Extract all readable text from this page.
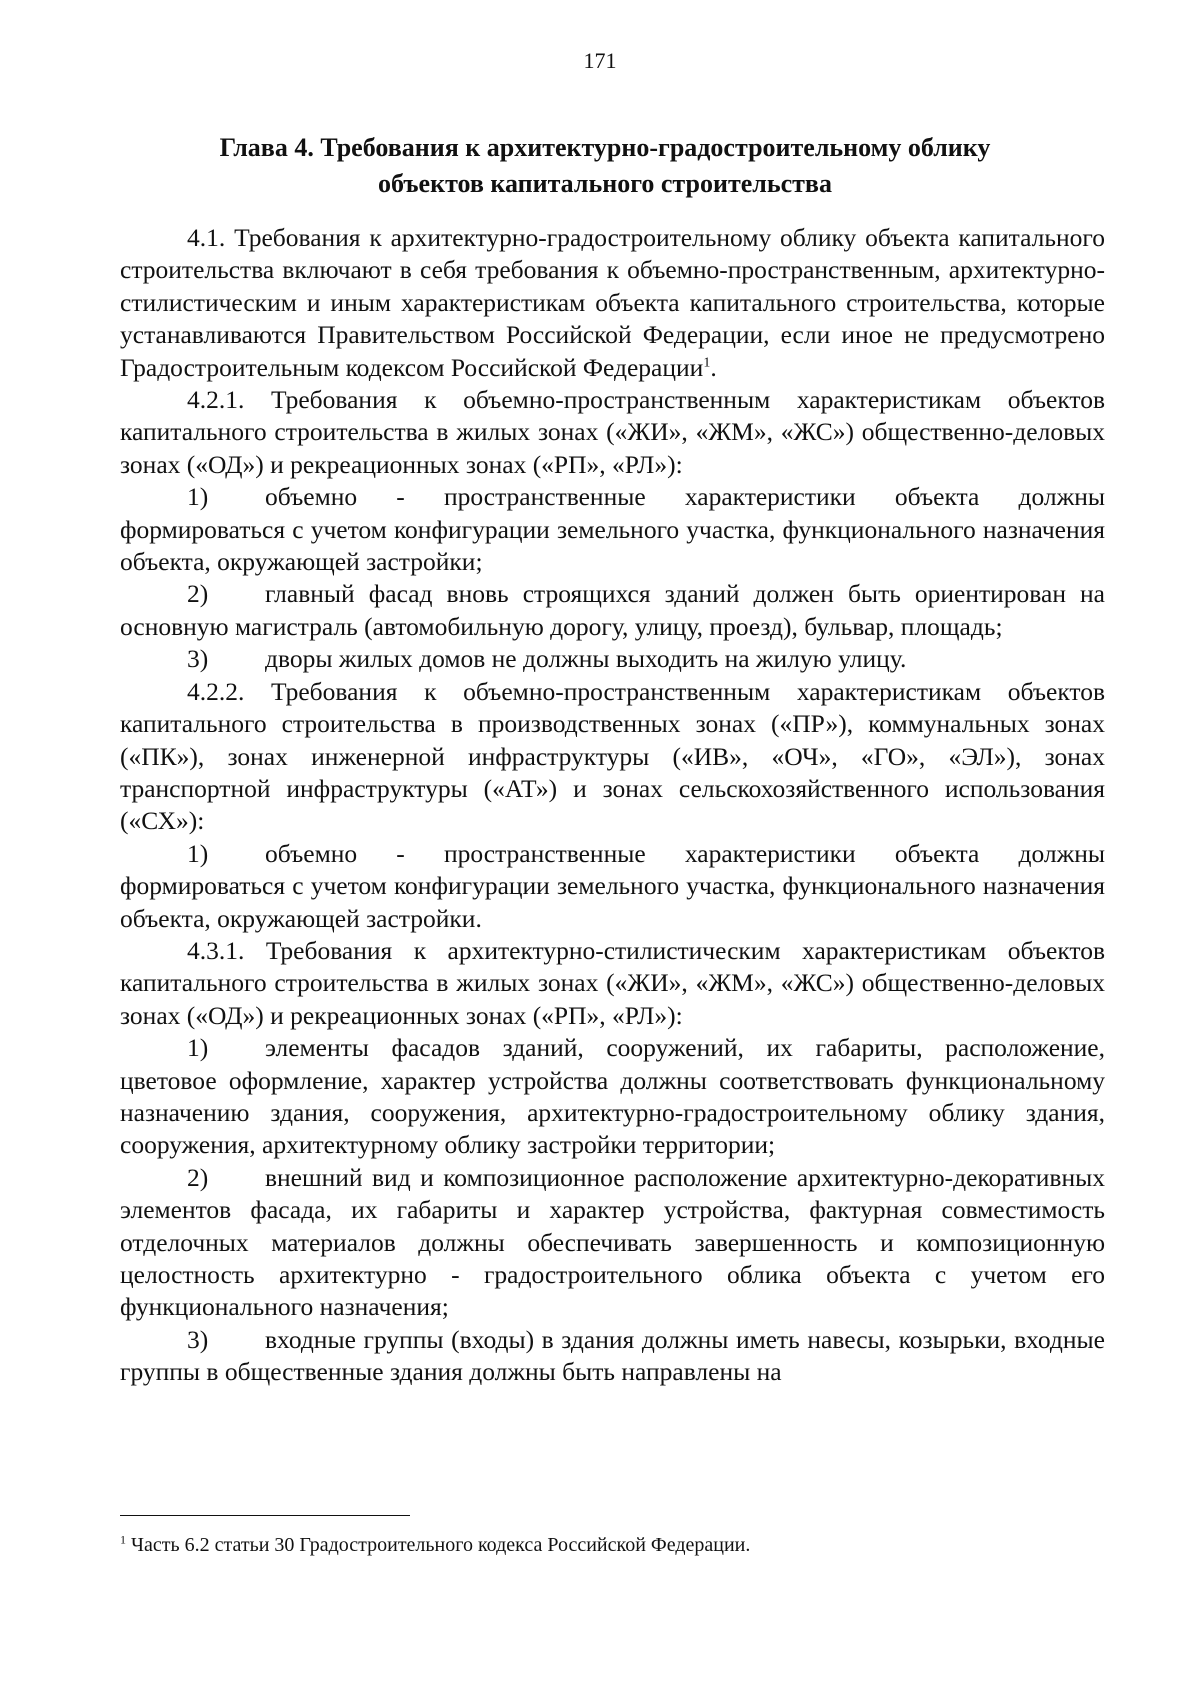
171
Глава 4. Требования к архитектурно-градостроительному облику
объектов капитального строительства

4.1. Требования к архитектурно-градостроительному облику объекта капитального строительства включают в себя требования к объемно-пространственным, архитектурно-стилистическим и иным характеристикам объекта капитального строительства, которые устанавливаются Правительством Российской Федерации, если иное не предусмотрено Градостроительным кодексом Российской Федерации$^1$.

4.2.1. Требования к объемно-пространственным характеристикам объектов капитального строительства в жилых зонах («ЖИ», «ЖМ», «ЖС») общественно-деловых зонах («ОД») и рекреационных зонах («РП», «РЛ»):

1) объемно - пространственные характеристики объекта должны формироваться с учетом конфигурации земельного участка, функционального назначения объекта, окружающей застройки;

2) главный фасад вновь строящихся зданий должен быть ориентирован на основную магистраль (автомобильную дорогу, улицу, проезд), бульвар, площадь;

3) дворы жилых домов не должны выходить на жилую улицу.

4.2.2. Требования к объемно-пространственным характеристикам объектов капитального строительства в производственных зонах («ПР»), коммунальных зонах («ПК»), зонах инженерной инфраструктуры («ИВ», «ОЧ», «ГО», «ЭЛ»), зонах транспортной инфраструктуры («АТ») и зонах сельскохозяйственного использования («СХ»):

1) объемно - пространственные характеристики объекта должны формироваться с учетом конфигурации земельного участка, функционального назначения объекта, окружающей застройки.

4.3.1. Требования к архитектурно-стилистическим характеристикам объектов капитального строительства в жилых зонах («ЖИ», «ЖМ», «ЖС») общественно-деловых зонах («ОД») и рекреационных зонах («РП», «РЛ»):

1) элементы фасадов зданий, сооружений, их габариты, расположение, цветовое оформление, характер устройства должны соответствовать функциональному назначению здания, сооружения, архитектурно-градостроительному облику здания, сооружения, архитектурному облику застройки территории;

2) внешний вид и композиционное расположение архитектурно-декоративных элементов фасада, их габариты и характер устройства, фактурная совместимость отделочных материалов должны обеспечивать завершенность и композиционную целостность архитектурно - градостроительного облика объекта с учетом его функционального назначения;

3) входные группы (входы) в здания должны иметь навесы, козырьки, входные группы в общественные здания должны быть направлены на

$^1$ Часть 6.2 статьи 30 Градостроительного кодекса Российской Федерации.
